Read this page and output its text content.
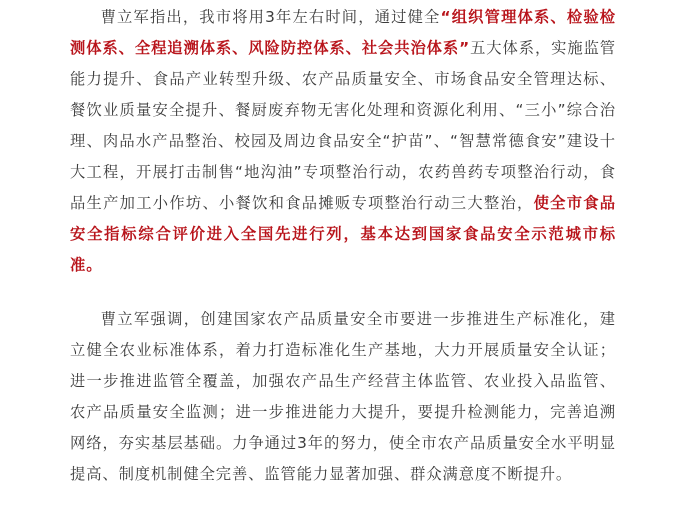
曹立军指出，我市将用3年左右时间，通过健全“组织管理体系、检验检测体系、全程追溯体系、风险防控体系、社会共治体系”五大体系，实施监管能力提升、食品产业转型升级、农产品质量安全、市场食品安全管理达标、餐饮业质量安全提升、餐厨废弃物无害化处理和资源化利用、“三小”综合治理、肉品水产品整治、校园及周边食品安全“护苗”、“智慧常德食安”建设十大工程，开展打击制售“地沟油”专项整治行动，农药兽药专项整治行动，食品生产加工小作坊、小餐饮和食品摊贩专项整治行动三大整治，使全市食品安全指标综合评价进入全国先进行列，基本达到国家食品安全示范城市标准。

曹立军强调，创建国家农产品质量安全市要进一步推进生产标准化，建立健全农业标准体系，着力打造标准化生产基地，大力开展质量安全认证；进一步推进监管全覆盖，加强农产品生产经营主体监管、农业投入品监管、农产品质量安全监测；进一步推进能力大提升，要提升检测能力，完善追溯网络，夯实基层基础。力争通过3年的努力，使全市农产品质量安全水平明显提高、制度机制健全完善、监管能力显著加强、群众满意度不断提升。
